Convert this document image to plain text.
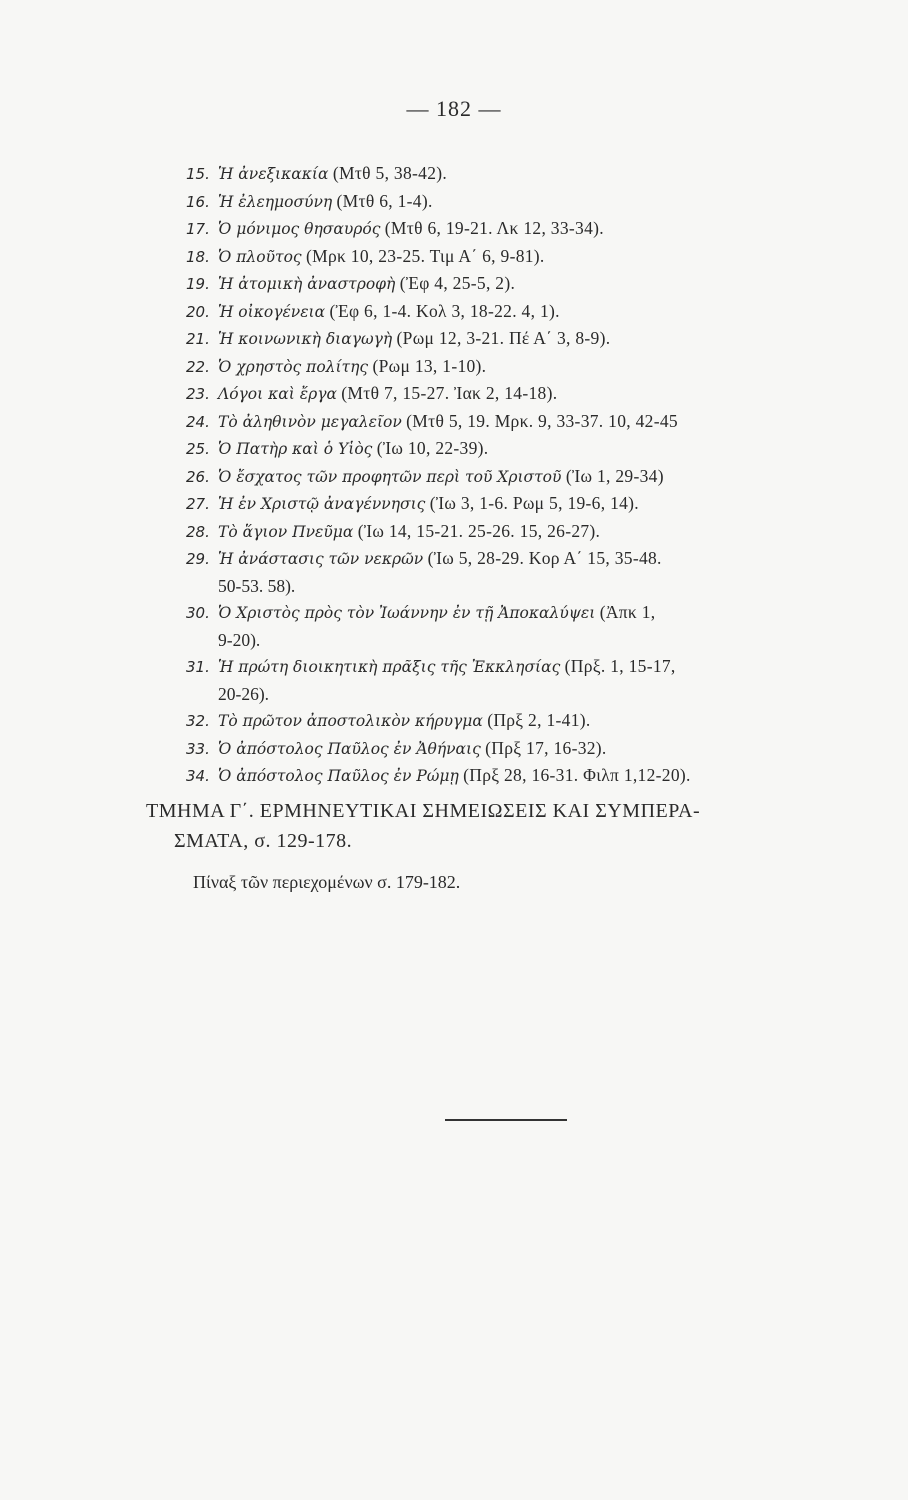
— 182 —
15. Ἡ ἀνεξικακία (Μτθ 5, 38-42).
16. Ἡ ἐλεημοσύνη (Μτθ 6, 1-4).
17. Ὁ μόνιμος θησαυρός (Μτθ 6, 19-21. Λκ 12, 33-34).
18. Ὁ πλοῦτος (Μρκ 10, 23-25. Τιμ Α΄ 6, 9-81).
19. Ἡ ἀτομικὴ ἀναστροφὴ (Ἐφ 4, 25-5, 2).
20. Ἡ οἰκογένεια (Ἐφ 6, 1-4. Κολ 3, 18-22. 4, 1).
21. Ἡ κοινωνικὴ διαγωγὴ (Ρωμ 12, 3-21. Πέ Α΄ 3, 8-9).
22. Ὁ χρηστὸς πολίτης (Ρωμ 13, 1-10).
23. Λόγοι καὶ ἔργα (Μτθ 7, 15-27. Ἰακ 2, 14-18).
24. Τὸ ἀληθινὸν μεγαλεῖον (Μτθ 5, 19. Μρκ. 9, 33-37. 10, 42-45
25. Ὁ Πατὴρ καὶ ὁ Υἱὸς (Ἰω 10, 22-39).
26. Ὁ ἔσχατος τῶν προφητῶν περὶ τοῦ Χριστοῦ (Ἰω 1, 29-34)
27. Ἡ ἐν Χριστῷ ἀναγέννησις (Ἰω 3, 1-6. Ρωμ 5, 19-6, 14).
28. Τὸ ἅγιον Πνεῦμα (Ἰω 14, 15-21. 25-26. 15, 26-27).
29. Ἡ ἀνάστασις τῶν νεκρῶν (Ἰω 5, 28-29. Κορ Α΄ 15, 35-48.
50-53. 58).
30. Ὁ Χριστὸς πρὸς τὸν Ἰωάννην ἐν τῇ Ἀποκαλύψει (Ἀπκ 1,
9-20).
31. Ἡ πρώτη διοικητικὴ πρᾶξις τῆς Ἐκκλησίας (Πρξ. 1, 15-17,
20-26).
32. Τὸ πρῶτον ἀποστολικὸν κήρυγμα (Πρξ 2, 1-41).
33. Ὁ ἀπόστολος Παῦλος ἐν Ἀθήναις (Πρξ 17, 16-32).
34. Ὁ ἀπόστολος Παῦλος ἐν Ρώμῃ (Πρξ 28, 16-31. Φιλπ 1,12-20).
ΤΜΗΜΑ Γ΄. ΕΡΜΗΝΕΥΤΙΚΑΙ ΣΗΜΕΙΩΣΕΙΣ ΚΑΙ ΣΥΜΠΕΡΑ-
ΣΜΑΤΑ, σ. 129-178.
Πίναξ τῶν περιεχομένων σ. 179-182.
